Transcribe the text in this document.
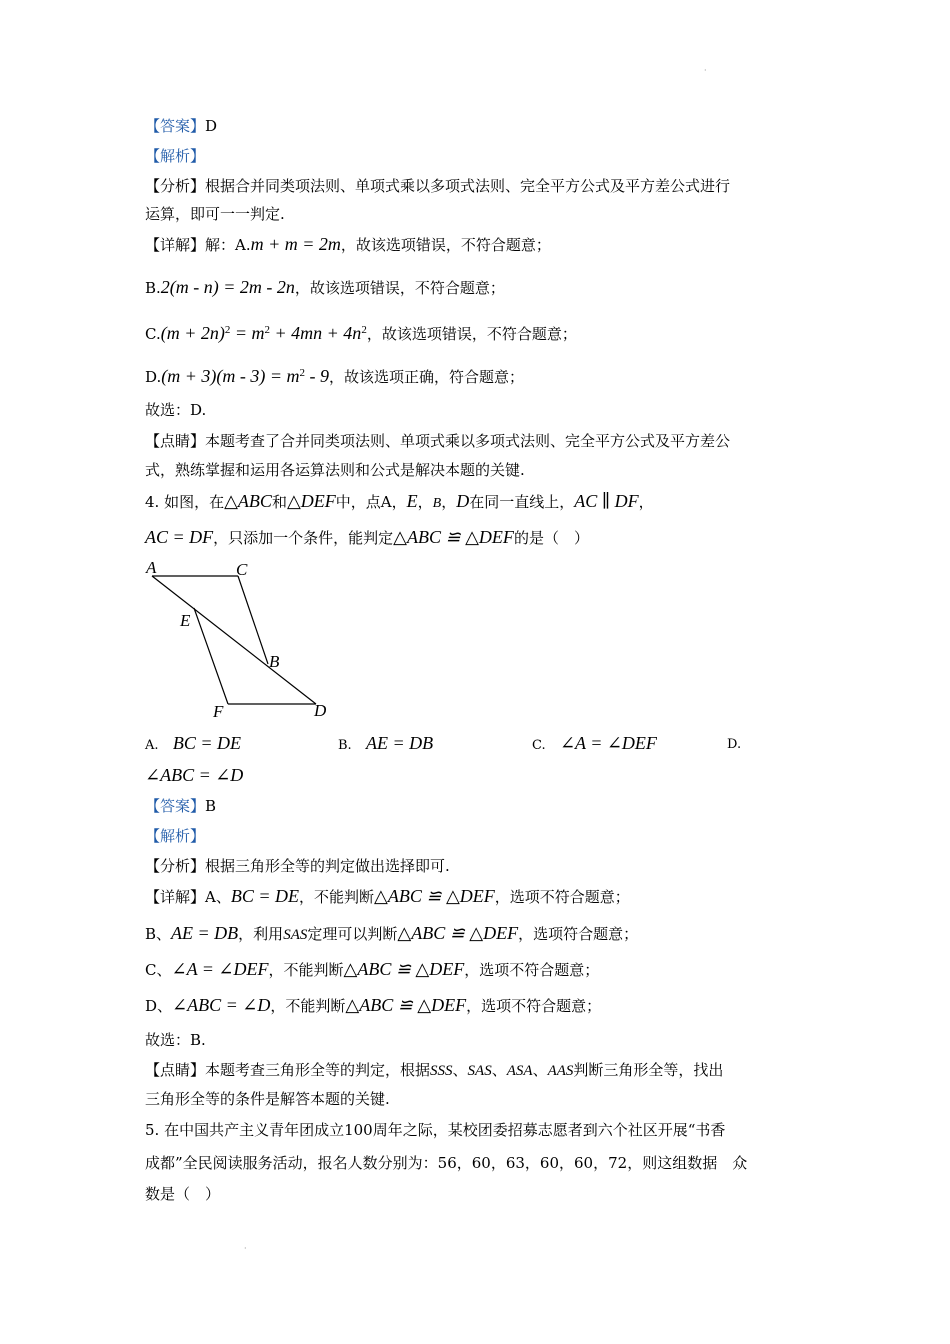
·
【答案】D
【解析】
【分析】根据合并同类项法则、单项式乘以多项式法则、完全平方公式及平方差公式进行
运算，即可一一判定.
【详解】解：A.m + m = 2m，故该选项错误，不符合题意；
B.2(m - n) = 2m - 2n，故该选项错误，不符合题意；
$C.(m + 2n)^2 = m^2 + 4mn + 4n^2$，故该选项错误，不符合题意；
$D.(m + 3)(m - 3) = m^2 - 9$，故该选项正确，符合题意；
故选：D.
【点睛】本题考查了合并同类项法则、单项式乘以多项式法则、完全平方公式及平方差公
式，熟练掌握和运用各运算法则和公式是解决本题的关键.
4. 如图，在△ABC和△DEF中，点A，E，B，D在同一直线上，AC ∥ DF，
AC = DF，只添加一个条件，能判定△ABC ≌ △DEF的是（　）
A	C
E
B
F	D
A. BC = DE	B. AE = DB	C. ∠A = ∠DEF	D.
∠ABC = ∠D
【答案】B
【解析】
【分析】根据三角形全等的判定做出选择即可.
【详解】A、BC = DE，不能判断△ABC ≌ △DEF，选项不符合题意；
B、AE = DB，利用SAS定理可以判断△ABC ≌ △DEF，选项符合题意；
C、∠A = ∠DEF，不能判断△ABC ≌ △DEF，选项不符合题意；
D、∠ABC = ∠D，不能判断△ABC ≌ △DEF，选项不符合题意；
故选：B.
【点睛】本题考查三角形全等的判定，根据SSS、SAS、ASA、AAS判断三角形全等，找出
三角形全等的条件是解答本题的关键.
5. 在中国共产主义青年团成立100周年之际，某校团委招募志愿者到六个社区开展“书香
成都”全民阅读服务活动，报名人数分别为：56，60，63，60，60，72，则这组数据　众
数是（　）
·
